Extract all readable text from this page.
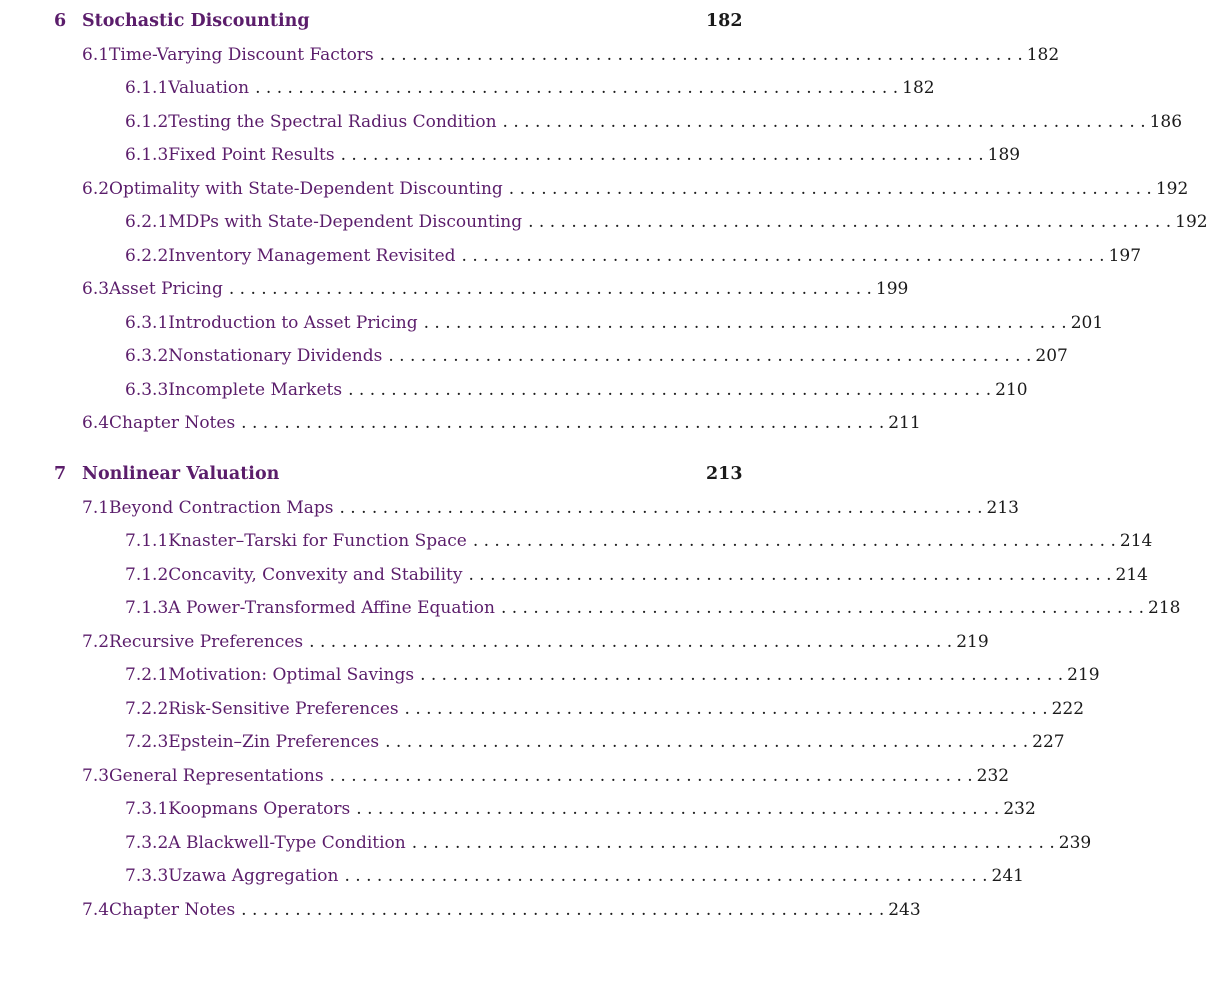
6 Stochastic Discounting	182
6.1 Time-Varying Discount Factors . . . . . . . . . . . . . . . . . . . . . . . . . . . . . . . . . . . . . . . . . . . . . . . . . . . . . . . . . . . . 182
6.1.1 Valuation . . . . . . . . . . . . . . . . . . . . . . . . . . . . . . . . . . . . . . . . . . . . . . . . . . . . . . . . . . . . 182
6.1.2 Testing the Spectral Radius Condition . . . . . . . . . . . . . . . . . . . . . . . . . . . . . . . . . . . . . . . . . . . . . . . . . . . . . . . . . . . . 186
6.1.3 Fixed Point Results . . . . . . . . . . . . . . . . . . . . . . . . . . . . . . . . . . . . . . . . . . . . . . . . . . . . . . . . . . . . 189
6.2 Optimality with State-Dependent Discounting . . . . . . . . . . . . . . . . . . . . . . . . . . . . . . . . . . . . . . . . . . . . . . . . . . . . . . . . . . . . 192
6.2.1 MDPs with State-Dependent Discounting . . . . . . . . . . . . . . . . . . . . . . . . . . . . . . . . . . . . . . . . . . . . . . . . . . . . . . . . . . . . 192
6.2.2 Inventory Management Revisited . . . . . . . . . . . . . . . . . . . . . . . . . . . . . . . . . . . . . . . . . . . . . . . . . . . . . . . . . . . . 197
6.3 Asset Pricing . . . . . . . . . . . . . . . . . . . . . . . . . . . . . . . . . . . . . . . . . . . . . . . . . . . . . . . . . . . . 199
6.3.1 Introduction to Asset Pricing . . . . . . . . . . . . . . . . . . . . . . . . . . . . . . . . . . . . . . . . . . . . . . . . . . . . . . . . . . . . 201
6.3.2 Nonstationary Dividends . . . . . . . . . . . . . . . . . . . . . . . . . . . . . . . . . . . . . . . . . . . . . . . . . . . . . . . . . . . . 207
6.3.3 Incomplete Markets . . . . . . . . . . . . . . . . . . . . . . . . . . . . . . . . . . . . . . . . . . . . . . . . . . . . . . . . . . . . 210
6.4 Chapter Notes . . . . . . . . . . . . . . . . . . . . . . . . . . . . . . . . . . . . . . . . . . . . . . . . . . . . . . . . . . . . 211
7 Nonlinear Valuation	213
7.1 Beyond Contraction Maps . . . . . . . . . . . . . . . . . . . . . . . . . . . . . . . . . . . . . . . . . . . . . . . . . . . . . . . . . . . . 213
7.1.1 Knaster–Tarski for Function Space . . . . . . . . . . . . . . . . . . . . . . . . . . . . . . . . . . . . . . . . . . . . . . . . . . . . . . . . . . . . 214
7.1.2 Concavity, Convexity and Stability . . . . . . . . . . . . . . . . . . . . . . . . . . . . . . . . . . . . . . . . . . . . . . . . . . . . . . . . . . . . 214
7.1.3 A Power-Transformed Affine Equation . . . . . . . . . . . . . . . . . . . . . . . . . . . . . . . . . . . . . . . . . . . . . . . . . . . . . . . . . . . . 218
7.2 Recursive Preferences . . . . . . . . . . . . . . . . . . . . . . . . . . . . . . . . . . . . . . . . . . . . . . . . . . . . . . . . . . . . 219
7.2.1 Motivation: Optimal Savings . . . . . . . . . . . . . . . . . . . . . . . . . . . . . . . . . . . . . . . . . . . . . . . . . . . . . . . . . . . . 219
7.2.2 Risk-Sensitive Preferences . . . . . . . . . . . . . . . . . . . . . . . . . . . . . . . . . . . . . . . . . . . . . . . . . . . . . . . . . . . . 222
7.2.3 Epstein–Zin Preferences . . . . . . . . . . . . . . . . . . . . . . . . . . . . . . . . . . . . . . . . . . . . . . . . . . . . . . . . . . . . 227
7.3 General Representations . . . . . . . . . . . . . . . . . . . . . . . . . . . . . . . . . . . . . . . . . . . . . . . . . . . . . . . . . . . . 232
7.3.1 Koopmans Operators . . . . . . . . . . . . . . . . . . . . . . . . . . . . . . . . . . . . . . . . . . . . . . . . . . . . . . . . . . . . 232
7.3.2 A Blackwell-Type Condition . . . . . . . . . . . . . . . . . . . . . . . . . . . . . . . . . . . . . . . . . . . . . . . . . . . . . . . . . . . . 239
7.3.3 Uzawa Aggregation . . . . . . . . . . . . . . . . . . . . . . . . . . . . . . . . . . . . . . . . . . . . . . . . . . . . . . . . . . . . 241
7.4 Chapter Notes . . . . . . . . . . . . . . . . . . . . . . . . . . . . . . . . . . . . . . . . . . . . . . . . . . . . . . . . . . . . 243
